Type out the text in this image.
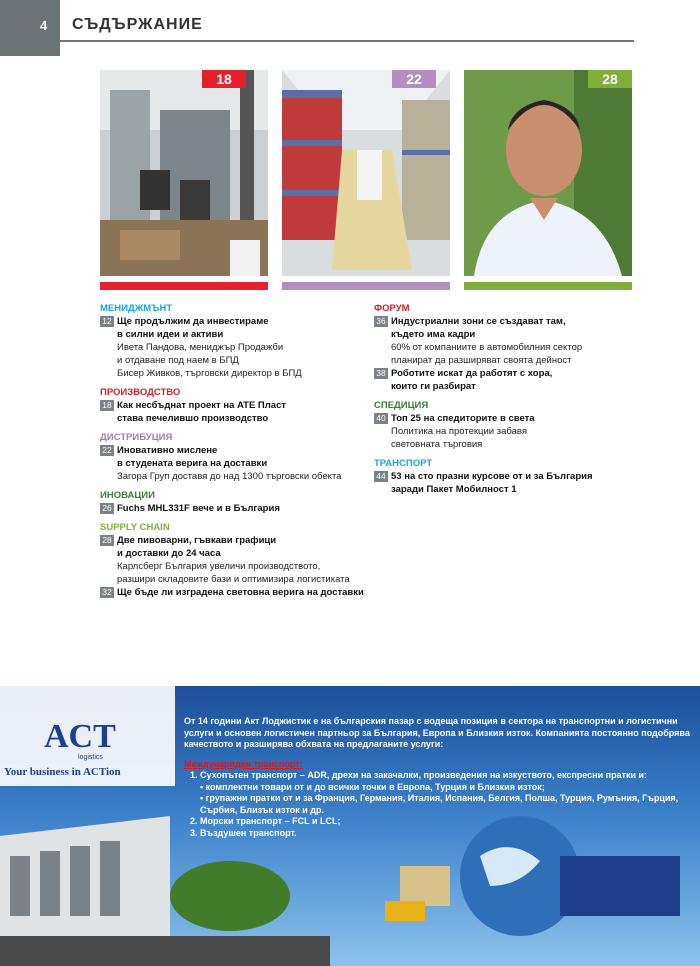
4	СЪДЪРЖАНИЕ
18	22	28
МЕНИДЖМЪНТ
12 Ще продължим да инвестираме
в силни идеи и активи
Ивета Пандова, мениджър Продажби
и отдаване под наем в БПД
Бисер Живков, търговски директор в БПД
ПРОИЗВОДСТВО
18 Как несбъднат проект на ATE Пласт
става печелившо производство
ДИСТРИБУЦИЯ
22 Иновативно мислене
в студената верига на доставки
Загора Груп доставя до над 1300 търговски обекта
ИНОВАЦИИ
26 Fuchs MHL331F вече и в България
SUPPLY CHAIN
28 Две пивоварни, гъвкави графици
и доставки до 24 часа
Карлсберг България увеличи производството,
разшири складовите бази и оптимизира логистиката
32 Ще бъде ли изградена световна верига на доставки
ФОРУМ
36 Индустриални зони се създават там,
където има кадри
60% от компаниите в автомобилния сектор
планират да разширяват своята дейност
38 Роботите искат да работят с хора,
които ги разбират
СПЕДИЦИЯ
40 Топ 25 на спедиторите в света
Политика на протекции забавя
световната търговия
ТРАНСПОРТ
44 53 на сто празни курсове от и за България
заради Пакет Мобилност 1
ACT
logistics
Your business in ACTion
От 14 години Акт Лоджистик е на българския пазар с водеща позиция в сектора на транспортни и логистични услуги и основен логистичен партньор за България, Европа и Близкия изток. Компанията постоянно подобрява качеството и разширява обхвата на предлаганите услуги:
Международен транспорт:
1. Сухопътен транспорт – ADR, дрехи на закачалки, произведения на изкуството, експресни пратки и:
• комплектни товари от и до всички точки в Европа, Турция и Близкия изток;
• групажни пратки от и за Франция, Германия, Италия, Испания, Белгия, Полша, Турция, Румъния, Гърция, Сърбия, Близък изток и др.
2. Морски транспорт – FCL и LCL;
3. Въздушен транспорт.
